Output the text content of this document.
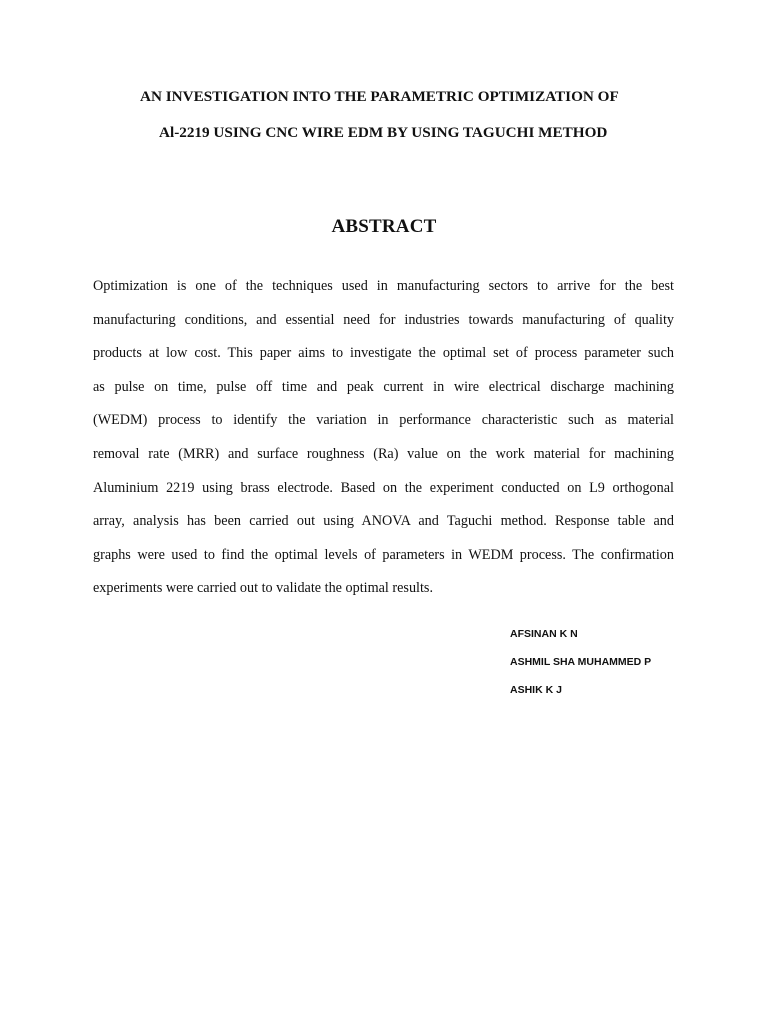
AN INVESTIGATION INTO THE PARAMETRIC OPTIMIZATION OF
Al-2219 USING CNC WIRE EDM BY USING TAGUCHI METHOD
ABSTRACT
Optimization is one of the techniques used in manufacturing sectors to arrive for the best
manufacturing conditions, and essential need for industries towards manufacturing of quality
products at low cost. This paper aims to investigate the optimal set of process parameter such
as pulse on time, pulse off time and peak current in wire electrical discharge machining
(WEDM) process to identify the variation in performance characteristic such as material
removal rate (MRR) and surface roughness (Ra) value on the work material for machining
Aluminium 2219 using brass electrode. Based on the experiment conducted on L9 orthogonal
array, analysis has been carried out using ANOVA and Taguchi method. Response table and
graphs were used to find the optimal levels of parameters in WEDM process. The confirmation
experiments were carried out to validate the optimal results.
AFSINAN K N
ASHMIL SHA MUHAMMED P
ASHIK K J
